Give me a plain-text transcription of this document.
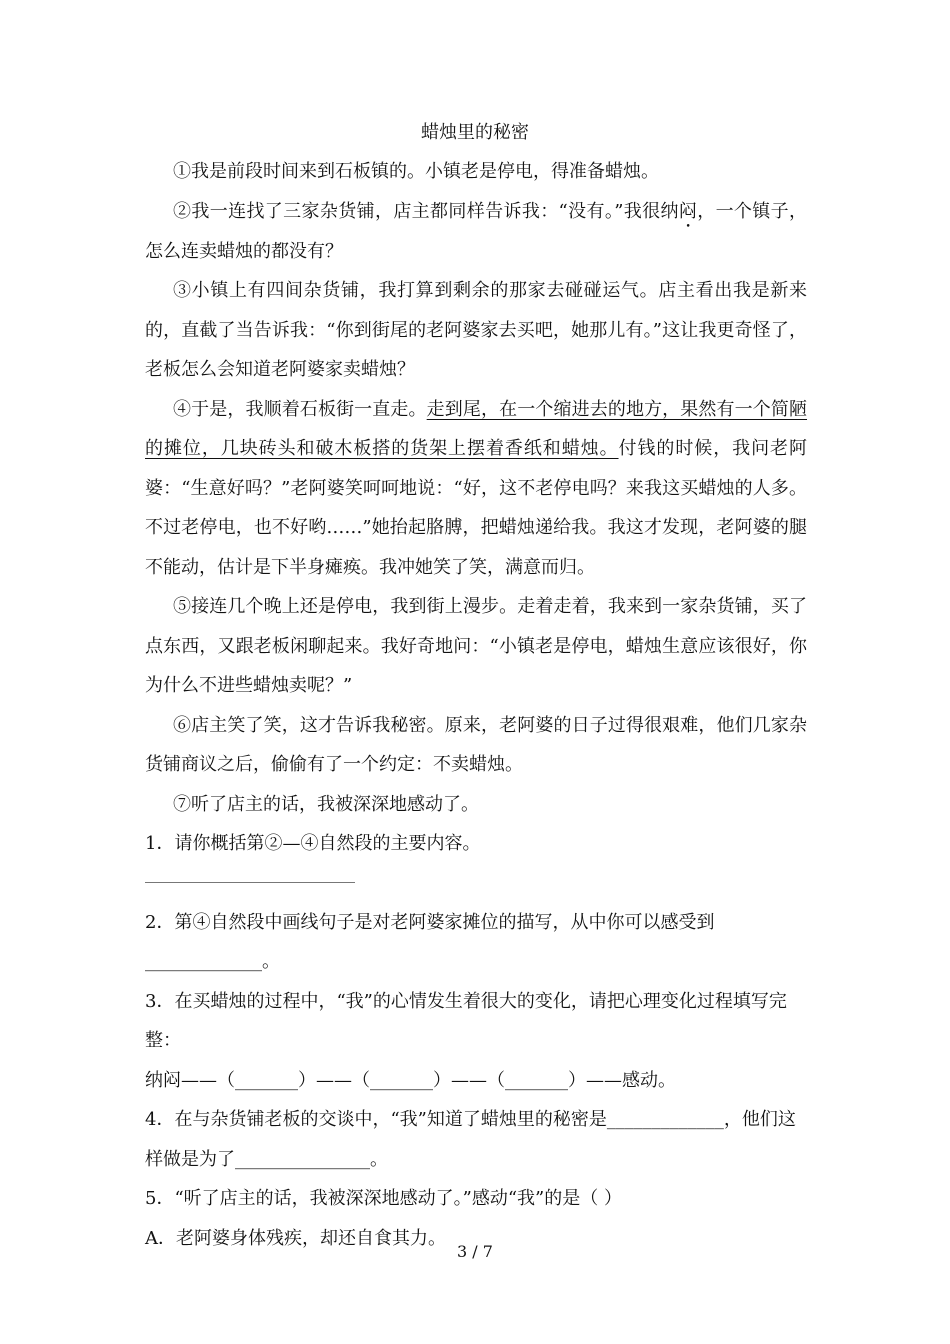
蜡烛里的秘密

①我是前段时间来到石板镇的。小镇老是停电，得准备蜡烛。

②我一连找了三家杂货铺，店主都同样告诉我：“没有。”我很纳闷，一个镇子，怎么连卖蜡烛的都没有？

③小镇上有四间杂货铺，我打算到剩余的那家去碰碰运气。店主看出我是新来的，直截了当告诉我：“你到街尾的老阿婆家去买吧，她那儿有。”这让我更奇怪了，老板怎么会知道老阿婆家卖蜡烛？

④于是，我顺着石板街一直走。走到尾，在一个缩进去的地方，果然有一个简陋的摊位，几块砖头和破木板搭的货架上摆着香纸和蜡烛。付钱的时候，我问老阿婆：“生意好吗？”老阿婆笑呵呵地说：“好，这不老停电吗？来我这买蜡烛的人多。不过老停电，也不好哟……”她抬起胳膊，把蜡烛递给我。我这才发现，老阿婆的腿不能动，估计是下半身瘫痪。我冲她笑了笑，满意而归。

⑤接连几个晚上还是停电，我到街上漫步。走着走着，我来到一家杂货铺，买了点东西，又跟老板闲聊起来。我好奇地问：“小镇老是停电，蜡烛生意应该很好，你为什么不进些蜡烛卖呢？”

⑥店主笑了笑，这才告诉我秘密。原来，老阿婆的日子过得很艰难，他们几家杂货铺商议之后，偷偷有了一个约定：不卖蜡烛。

⑦听了店主的话，我被深深地感动了。

1．请你概括第②—④自然段的主要内容。

2．第④自然段中画线句子是对老阿婆家摊位的描写，从中你可以感受到_____________。

3．在买蜡烛的过程中，“我”的心情发生着很大的变化，请把心理变化过程填写完整：

纳闷——（_______）——（_______）——（_______）——感动。

4．在与杂货铺老板的交谈中，“我”知道了蜡烛里的秘密是_____________，他们这样做是为了_______________。

5．“听了店主的话，我被深深地感动了。”感动“我”的是（ ）

A．老阿婆身体残疾，却还自食其力。

3 / 7
